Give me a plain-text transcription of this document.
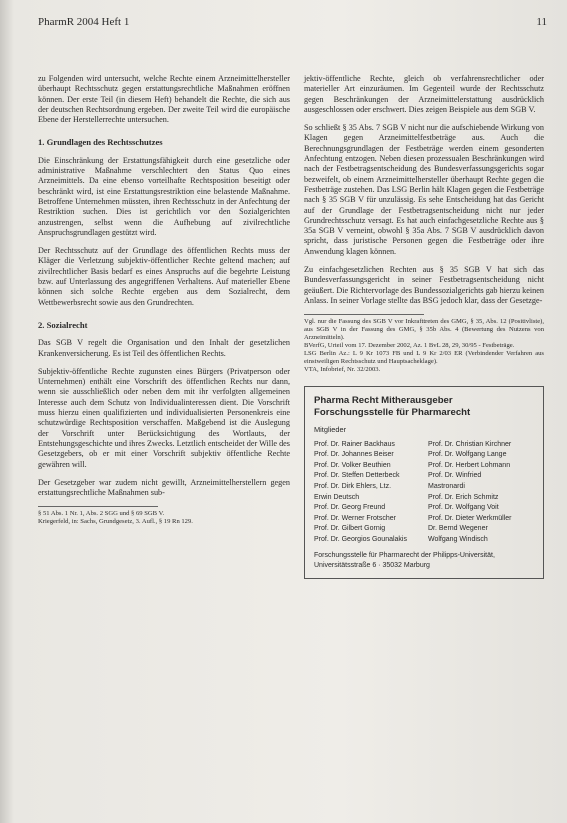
PharmR 2004 Heft 1	11

zu Folgenden wird untersucht, welche Rechte einem Arzneimittelhersteller überhaupt Rechtsschutz gegen erstattungsrechtliche Maßnahmen eröffnen können. Der erste Teil (in diesem Heft) behandelt die Rechte, die sich aus der deutschen Rechtsordnung ergeben. Der zweite Teil wird die europäische Ebene der Herstellerrechte untersuchen.

1. Grundlagen des Rechtsschutzes

Die Einschränkung der Erstattungsfähigkeit durch eine gesetzliche oder administrative Maßnahme verschlechtert den Status Quo eines Arzneimittels. Da eine ebenso vorteilhafte Rechtsposition beseitigt oder beschränkt wird, ist eine Erstattungsrestriktion eine belastende Maßnahme. Betroffene Unternehmen müssten, ihren Rechtsschutz in der Anfechtung der Restriktion suchen. Dies ist gerichtlich vor den Sozialgerichten anzustrengen, selbst wenn die Aufhebung auf zivilrechtliche Anspruchsgrundlagen gestützt wird.

Der Rechtsschutz auf der Grundlage des öffentlichen Rechts muss der Kläger die Verletzung subjektiv-öffentlicher Rechte geltend machen; auf zivilrechtlicher Basis bedarf es eines Anspruchs auf die begehrte Leistung bzw. auf Unterlassung des angegriffenen Verhaltens. Auf materieller Ebene können sich solche Rechte ergeben aus dem Sozialrecht, dem Wettbewerbsrecht sowie aus den Grundrechten.

2. Sozialrecht

Das SGB V regelt die Organisation und den Inhalt der gesetzlichen Krankenversicherung. Es ist Teil des öffentlichen Rechts.

Subjektiv-öffentliche Rechte zugunsten eines Bürgers (Privatperson oder Unternehmen) enthält eine Vorschrift des öffentlichen Rechts nur dann, wenn sie ausschließlich oder neben dem mit ihr verfolgten allgemeinen Interesse auch dem Schutz von Individualinteressen dient. Die Vorschrift muss hierzu einen qualifizierten und individualisierten Personenkreis eine schutzwürdige Rechtsposition verschaffen. Maßgebend ist die Auslegung der Vorschrift unter Berücksichtigung des Wortlauts, der Entstehungsgeschichte und ihres Zwecks. Letztlich entscheidet der Wille des Gesetzgebers, ob er mit einer Vorschrift subjektiv öffentliche Rechte gewähren will.

Der Gesetzgeber war zudem nicht gewillt, Arzneimittelherstellern gegen erstattungsrechtliche Maßnahmen sub-

§ 51 Abs. 1 Nr. 1, Abs. 2 SGG und § 69 SGB V.

Kriegerfeld, in: Sachs, Grundgesetz, 3. Aufl., § 19 Rn 129.

jektiv-öffentliche Rechte, gleich ob verfahrensrechtlicher oder materieller Art einzuräumen. Im Gegenteil wurde der Rechtsschutz gegen Beschränkungen der Arzneimittelerstattung ausdrücklich ausgeschlossen oder erschwert. Dies zeigen Beispiele aus dem SGB V.

So schließt § 35 Abs. 7 SGB V nicht nur die aufschiebende Wirkung von Klagen gegen Arzneimittelfestbeträge aus. Auch die Berechnungsgrundlagen der Festbeträge werden einem gesonderten Anfechtung entzogen. Neben diesen prozessualen Beschränkungen wird nach der Festbetragsentscheidung des Bundesverfassungsgerichts sogar bezweifelt, ob einem Arzneimittelhersteller überhaupt Rechte gegen die Festbeträge zustehen. Das LSG Berlin hält Klagen gegen die Festbeträge nach § 35 SGB V für unzulässig. Es sehe Entscheidung hat das Gericht auf der Grundlage der Festbetragsentscheidung nicht nur jeder Grundrechtsschutz versagt. Es hat auch einfachgesetzliche Rechte aus § 35a SGB V verneint, obwohl § 35a Abs. 7 SGB V ausdrücklich davon spricht, dass juristische Personen gegen die Festbeträge oder ihre Anwendung klagen können.

Zu einfachgesetzlichen Rechten aus § 35 SGB V hat sich das Bundesverfassungsgericht in seiner Festbetragsentscheidung nicht geäußert. Die Richtervorlage des Bundessozialgerichts gab hierzu keinen Anlass. In seiner Vorlage stellte das BSG jedoch klar, dass der Gesetzge-

Vgl. nur die Fassung des SGB V vor Inkrafttreten des GMG, § 35, Abs. 12 (Positivliste), aus SGB V in der Fassung des GMG, § 35b Abs. 4 (Bewertung des Nutzens von Arzneimitteln).

BVerfG, Urteil vom 17. Dezember 2002, Az. 1 BvL 28, 29, 30/95 - Festbeträge.

LSG Berlin Az.: L 9 Kr 1073 FB und L 9 Kr 2/03 ER (Verbindender Verfahren aus einstweiligen Rechtsschutz und Hauptsacheklage).

VTA, Infobrief, Nr. 32/2003.

Pharma Recht Mitherausgeber

Forschungsstelle für Pharmarecht

Mitglieder
Prof. Dr. Rainer Backhaus
Prof. Dr. Johannes Beiser
Prof. Dr. Volker Beuthien
Prof. Dr. Steffen Detterbeck
Prof. Dr. Dirk Ehlers, Ltz.
Erwin Deutsch
Prof. Dr. Georg Freund
Prof. Dr. Werner Frotscher
Prof. Dr. Gilbert Gornig
Prof. Dr. Georgios Gounalakis
Prof. Dr. Christian Kirchner
Prof. Dr. Wolfgang Lange
Prof. Dr. Herbert Lohmann
Prof. Dr. Winfried
Mastronardi
Prof. Dr. Erich Schmitz
Prof. Dr. Wolfgang Voit
Prof. Dr. Dieter Werkmüller
Dr. Bernd Wegener
Wolfgang Windisch
Forschungsstelle für Pharmarecht der Philipps-Universität,
Universitätsstraße 6 · 35032 Marburg
